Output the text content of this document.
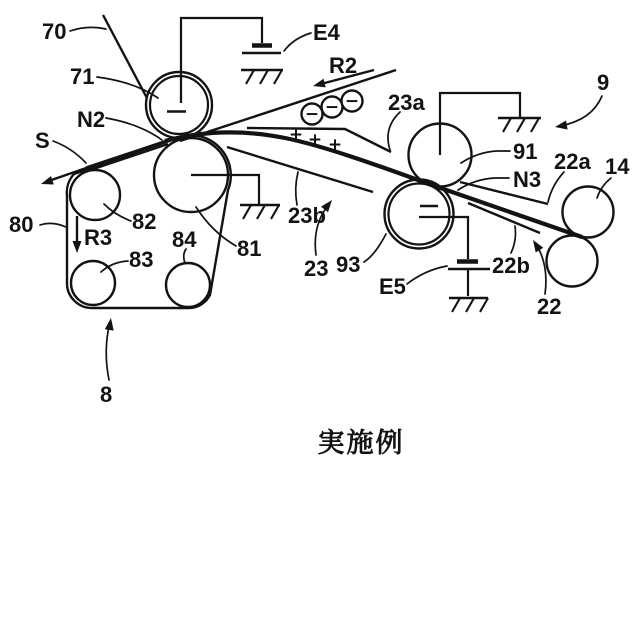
− − −
+ + +
70
71
N2
S
E4
R2
23a
9
91
N3
22a 14
80
R3
82
83
84 81
8
23b
23 93
E5
22b
22
実施例
